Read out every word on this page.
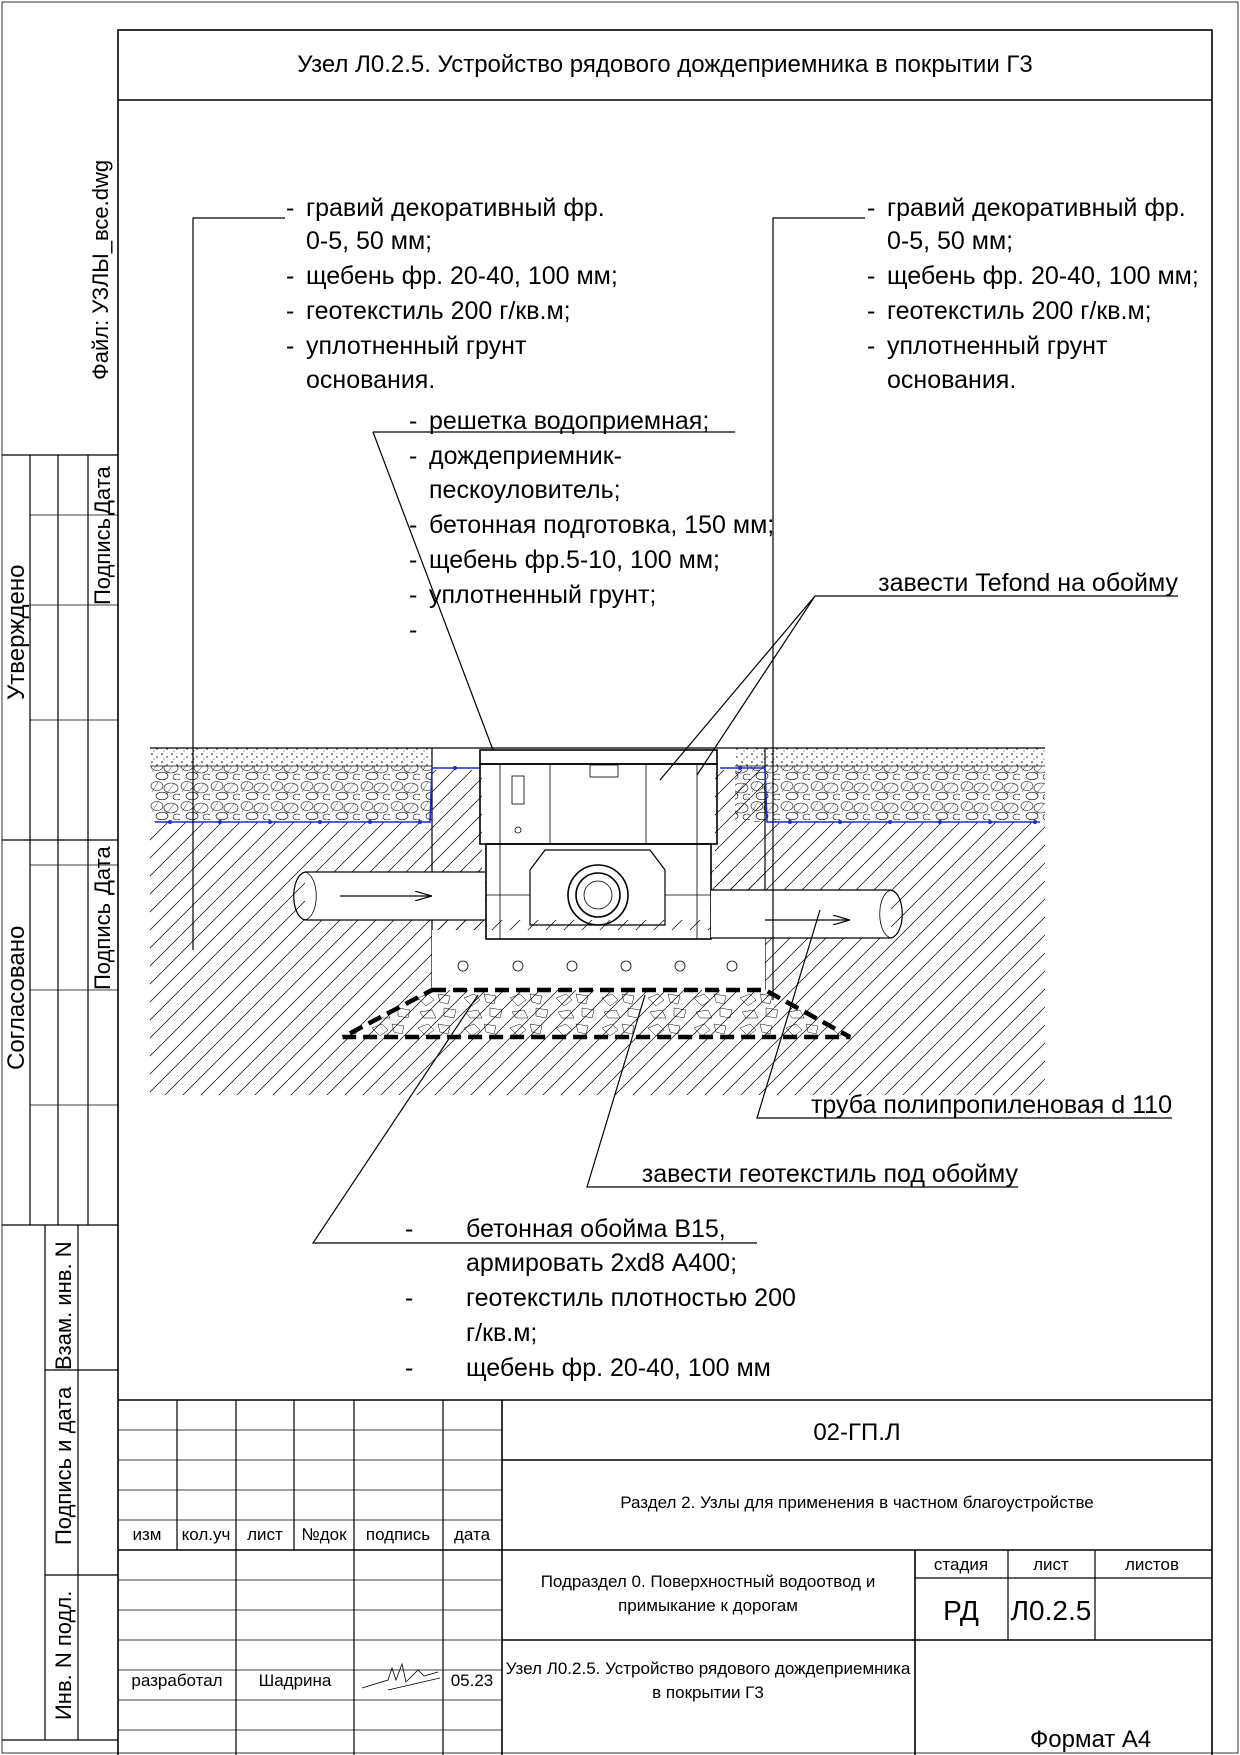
Узел Л0.2.5. Устройство рядового дождеприемника в покрытии Г3
Файл: УЗЛЫ_все.dwg
Утверждено
Согласовано
Подпись
Дата
Подпись
Дата
Взам. инв. N
Подпись и дата
Инв. N подл.
- гравий декоративный фр.
0-5, 50 мм;
- щебень фр. 20-40, 100 мм;
- геотекстиль 200 г/кв.м;
- уплотненный грунт
основания.
- гравий декоративный фр.
0-5, 50 мм;
- щебень фр. 20-40, 100 мм;
- геотекстиль 200 г/кв.м;
- уплотненный грунт
основания.
- решетка водоприемная;
- дождеприемник-
пескоуловитель;
- бетонная подготовка, 150 мм;
- щебень фр.5-10, 100 мм;
- уплотненный грунт;
-
завести Tefond на обойму
труба полипропиленовая d 110
завести геотекстиль под обойму
- бетонная обойма В15,
армировать 2хd8 А400;
- геотекстиль плотностью 200
г/кв.м;
- щебень фр. 20-40, 100 мм
изм кол.уч лист №док подпись дата
02-ГП.Л
Раздел 2. Узлы для применения в частном благоустройстве
Подраздел 0. Поверхностный водоотвод и
примыкание к дорогам
Узел Л0.2.5. Устройство рядового дождеприемника
в покрытии Г3
стадия	лист	листов
РД Л0.2.5
разработал Шадрина	05.23
Формат А4
